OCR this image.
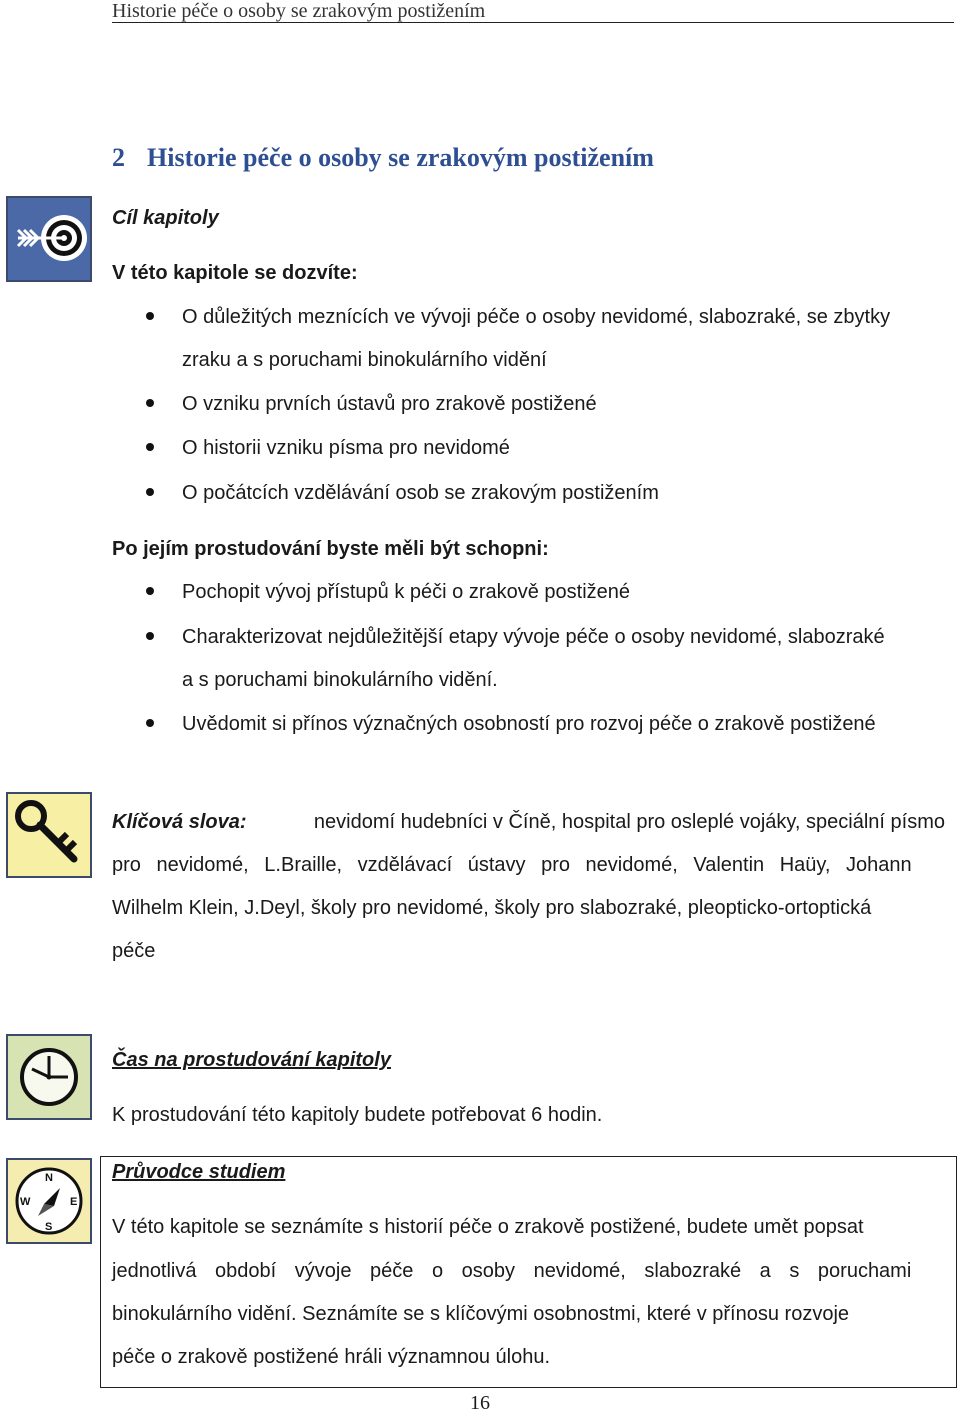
Historie péče o osoby se zrakovým postižením
2 Historie péče o osoby se zrakovým postižením
Cíl kapitoly
V této kapitole se dozvíte:
O důležitých meznících ve vývoji péče o osoby nevidomé, slabozraké, se zbytky
zraku a s poruchami binokulárního vidění
O vzniku prvních ústavů pro zrakově postižené
O historii vzniku písma pro nevidomé
O počátcích vzdělávání osob se zrakovým postižením
Po jejím prostudování byste měli být schopni:
Pochopit vývoj přístupů k péči o zrakově postižené
Charakterizovat nejdůležitější etapy vývoje péče o osoby nevidomé, slabozraké
a s poruchami binokulárního vidění.
Uvědomit si přínos význačných osobností pro rozvoj péče o zrakově postižené
Klíčová slova:	nevidomí hudebníci v Číně, hospital pro osleplé vojáky, speciální písmo
pro nevidomé, L.Braille, vzdělávací ústavy pro nevidomé, Valentin Haüy, Johann
Wilhelm Klein, J.Deyl, školy pro nevidomé, školy pro slabozraké, pleopticko-ortoptická
péče
Čas na prostudování kapitoly
K prostudování této kapitoly budete potřebovat 6 hodin.
N
S
W	E
Průvodce studiem
V této kapitole se seznámíte s historií péče o zrakově postižené, budete umět popsat
jednotlivá období vývoje péče o osoby nevidomé, slabozraké a s poruchami
binokulárního vidění. Seznámíte se s klíčovými osobnostmi, které v přínosu rozvoje
péče o zrakově postižené hráli významnou úlohu.
16
